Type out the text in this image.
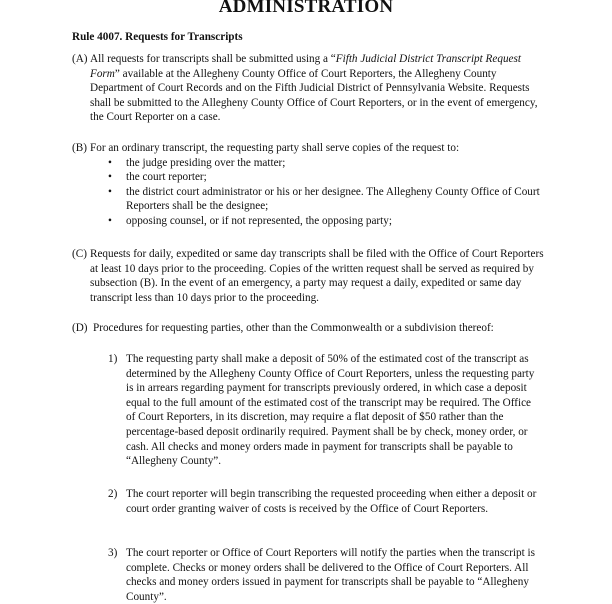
ADMINISTRATION
Rule 4007. Requests for Transcripts
(A) All requests for transcripts shall be submitted using a “Fifth Judicial District Transcript Request Form” available at the Allegheny County Office of Court Reporters, the Allegheny County Department of Court Records and on the Fifth Judicial District of Pennsylvania Website. Requests shall be submitted to the Allegheny County Office of Court Reporters, or in the event of emergency, the Court Reporter on a case.
(B) For an ordinary transcript, the requesting party shall serve copies of the request to:
•	the judge presiding over the matter;
•	the court reporter;
•	the district court administrator or his or her designee. The Allegheny County Office of Court Reporters shall be the designee;
•	opposing counsel, or if not represented, the opposing party;
(C) Requests for daily, expedited or same day transcripts shall be filed with the Office of Court Reporters at least 10 days prior to the proceeding. Copies of the written request shall be served as required by subsection (B). In the event of an emergency, a party may request a daily, expedited or same day transcript less than 10 days prior to the proceeding.
(D) Procedures for requesting parties, other than the Commonwealth or a subdivision thereof:
1) The requesting party shall make a deposit of 50% of the estimated cost of the transcript as determined by the Allegheny County Office of Court Reporters, unless the requesting party is in arrears regarding payment for transcripts previously ordered, in which case a deposit equal to the full amount of the estimated cost of the transcript may be required. The Office of Court Reporters, in its discretion, may require a flat deposit of $50 rather than the percentage-based deposit ordinarily required. Payment shall be by check, money order, or cash. All checks and money orders made in payment for transcripts shall be payable to “Allegheny County”.
2) The court reporter will begin transcribing the requested proceeding when either a deposit or court order granting waiver of costs is received by the Office of Court Reporters.
3) The court reporter or Office of Court Reporters will notify the parties when the transcript is complete. Checks or money orders shall be delivered to the Office of Court Reporters. All checks and money orders issued in payment for transcripts shall be payable to “Allegheny County”.
